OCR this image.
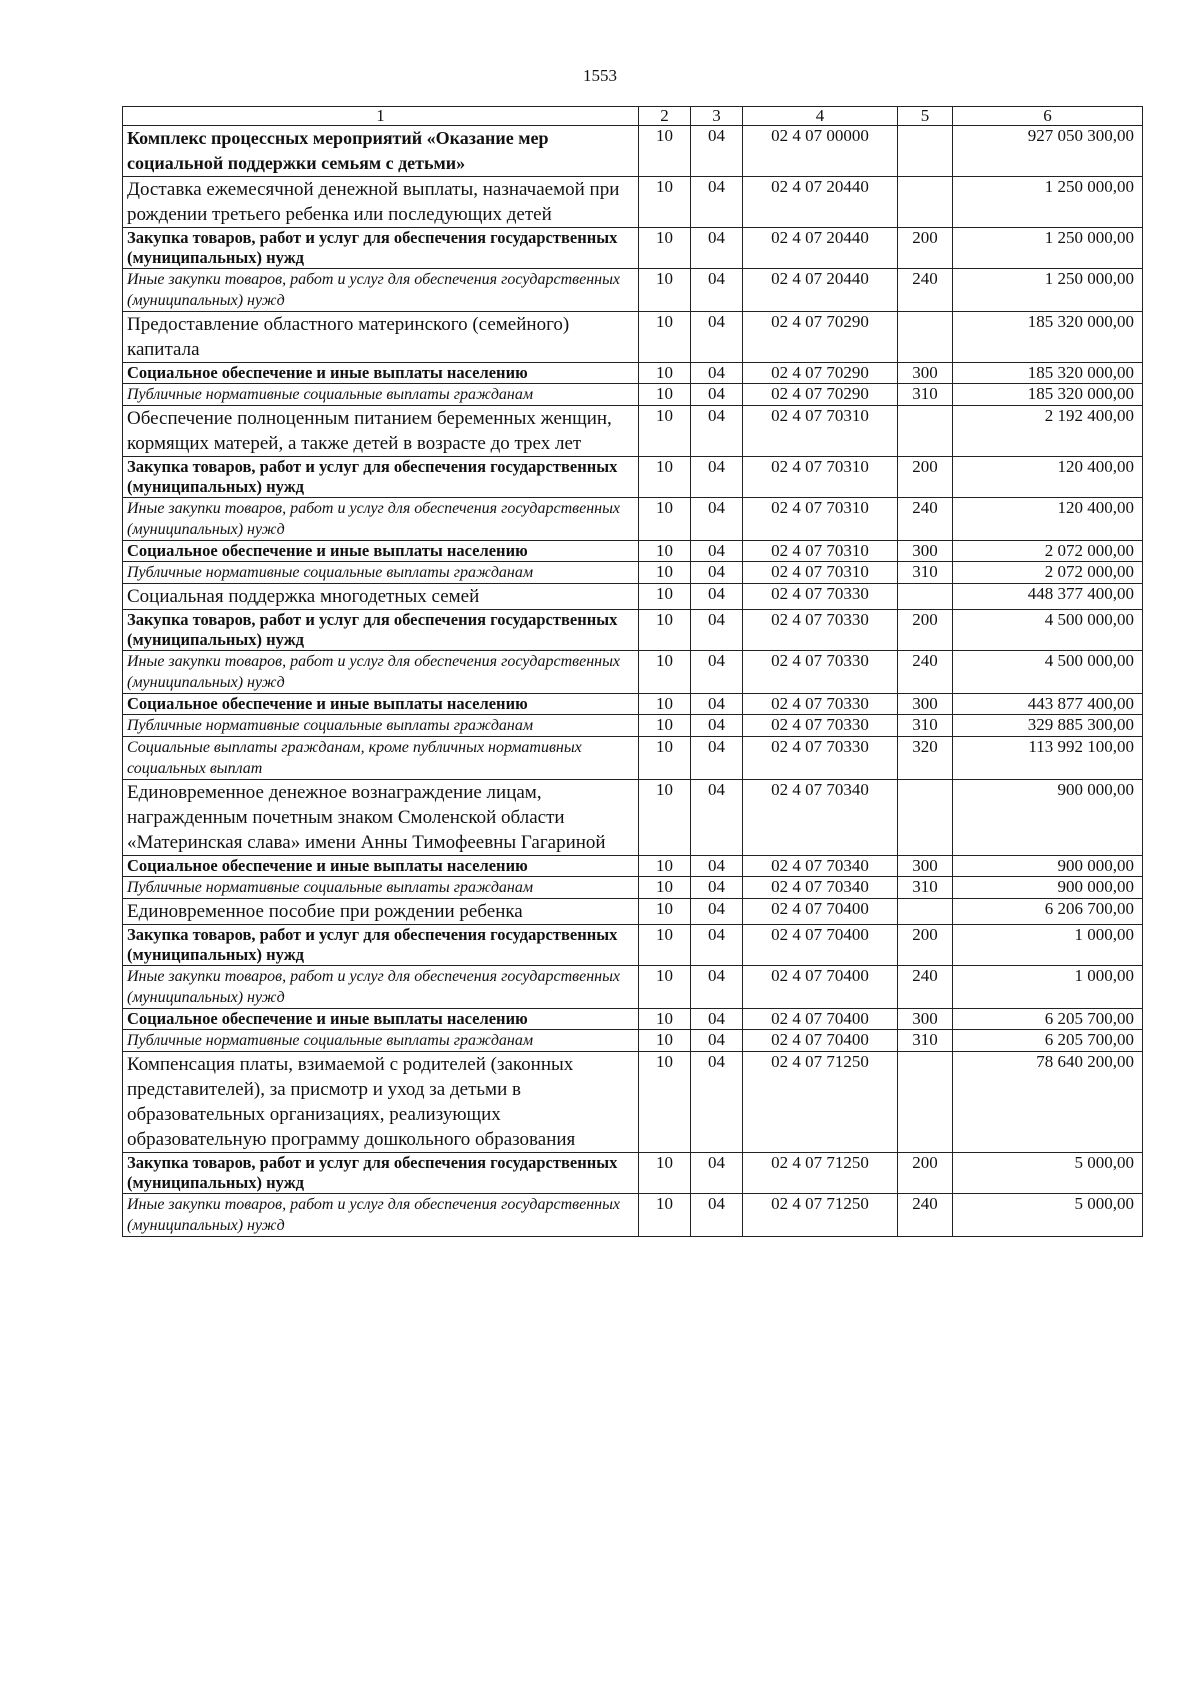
1553
1	2	3	4	5	6
Комплекс процессных мероприятий «Оказание мер социальной поддержки семьям с детьми»	10	04	02 4 07 00000		927 050 300,00
Доставка ежемесячной денежной выплаты, назначаемой при рождении третьего ребенка или последующих детей	10	04	02 4 07 20440		1 250 000,00
Закупка товаров, работ и услуг для обеспечения государственных (муниципальных) нужд	10	04	02 4 07 20440	200	1 250 000,00
Иные закупки товаров, работ и услуг для обеспечения государственных (муниципальных) нужд	10	04	02 4 07 20440	240	1 250 000,00
Предоставление областного материнского (семейного) капитала	10	04	02 4 07 70290		185 320 000,00
Социальное обеспечение и иные выплаты населению	10	04	02 4 07 70290	300	185 320 000,00
Публичные нормативные социальные выплаты гражданам	10	04	02 4 07 70290	310	185 320 000,00
Обеспечение полноценным питанием беременных женщин, кормящих матерей, а также детей в возрасте до трех лет	10	04	02 4 07 70310		2 192 400,00
Закупка товаров, работ и услуг для обеспечения государственных (муниципальных) нужд	10	04	02 4 07 70310	200	120 400,00
Иные закупки товаров, работ и услуг для обеспечения государственных (муниципальных) нужд	10	04	02 4 07 70310	240	120 400,00
Социальное обеспечение и иные выплаты населению	10	04	02 4 07 70310	300	2 072 000,00
Публичные нормативные социальные выплаты гражданам	10	04	02 4 07 70310	310	2 072 000,00
Социальная поддержка многодетных семей	10	04	02 4 07 70330		448 377 400,00
Закупка товаров, работ и услуг для обеспечения государственных (муниципальных) нужд	10	04	02 4 07 70330	200	4 500 000,00
Иные закупки товаров, работ и услуг для обеспечения государственных (муниципальных) нужд	10	04	02 4 07 70330	240	4 500 000,00
Социальное обеспечение и иные выплаты населению	10	04	02 4 07 70330	300	443 877 400,00
Публичные нормативные социальные выплаты гражданам	10	04	02 4 07 70330	310	329 885 300,00
Социальные выплаты гражданам, кроме публичных нормативных социальных выплат	10	04	02 4 07 70330	320	113 992 100,00
Единовременное денежное вознаграждение лицам, награжденным почетным знаком Смоленской области «Материнская слава» имени Анны Тимофеевны Гагариной	10	04	02 4 07 70340		900 000,00
Социальное обеспечение и иные выплаты населению	10	04	02 4 07 70340	300	900 000,00
Публичные нормативные социальные выплаты гражданам	10	04	02 4 07 70340	310	900 000,00
Единовременное пособие при рождении ребенка	10	04	02 4 07 70400		6 206 700,00
Закупка товаров, работ и услуг для обеспечения государственных (муниципальных) нужд	10	04	02 4 07 70400	200	1 000,00
Иные закупки товаров, работ и услуг для обеспечения государственных (муниципальных) нужд	10	04	02 4 07 70400	240	1 000,00
Социальное обеспечение и иные выплаты населению	10	04	02 4 07 70400	300	6 205 700,00
Публичные нормативные социальные выплаты гражданам	10	04	02 4 07 70400	310	6 205 700,00
Компенсация платы, взимаемой с родителей (законных представителей), за присмотр и уход за детьми в образовательных организациях, реализующих образовательную программу дошкольного образования	10	04	02 4 07 71250		78 640 200,00
Закупка товаров, работ и услуг для обеспечения государственных (муниципальных) нужд	10	04	02 4 07 71250	200	5 000,00
Иные закупки товаров, работ и услуг для обеспечения государственных (муниципальных) нужд	10	04	02 4 07 71250	240	5 000,00
